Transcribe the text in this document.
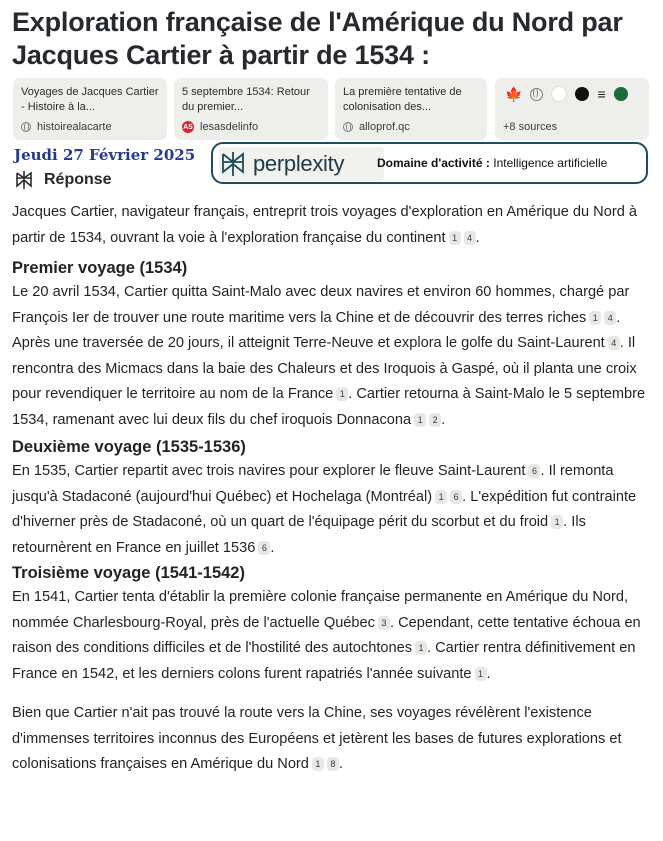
Exploration française de l'Amérique du Nord par Jacques Cartier à partir de 1534 :
Voyages de Jacques Cartier - Histoire à la...
histoirealacarte
5 septembre 1534: Retour du premier...
AS lesasdelinfo
La première tentative de colonisation des...
alloprof.qc
🍁	≡
+8 sources
Jeudi 27 Février 2025	perplexity	Domaine d'activité : Intelligence artificielle
Réponse
Jacques Cartier, navigateur français, entreprit trois voyages d'exploration en Amérique du Nord à partir de 1534, ouvrant la voie à l'exploration française du continent 1 4 .
Premier voyage (1534)
Le 20 avril 1534, Cartier quitta Saint-Malo avec deux navires et environ 60 hommes, chargé par François Ier de trouver une route maritime vers la Chine et de découvrir des terres riches 1 4 . Après une traversée de 20 jours, il atteignit Terre-Neuve et explora le golfe du Saint-Laurent 4 . Il rencontra des Micmacs dans la baie des Chaleurs et des Iroquois à Gaspé, où il planta une croix pour revendiquer le territoire au nom de la France 1 . Cartier retourna à Saint-Malo le 5 septembre 1534, ramenant avec lui deux fils du chef iroquois Donnacona 1 2 .
Deuxième voyage (1535-1536)
En 1535, Cartier repartit avec trois navires pour explorer le fleuve Saint-Laurent 6 . Il remonta jusqu'à Stadaconé (aujourd'hui Québec) et Hochelaga (Montréal) 1 6 . L'expédition fut contrainte d'hiverner près de Stadaconé, où un quart de l'équipage périt du scorbut et du froid 1 . Ils retournèrent en France en juillet 1536 6 .
Troisième voyage (1541-1542)
En 1541, Cartier tenta d'établir la première colonie française permanente en Amérique du Nord, nommée Charlesbourg-Royal, près de l'actuelle Québec 3 . Cependant, cette tentative échoua en raison des conditions difficiles et de l'hostilité des autochtones 1 . Cartier rentra définitivement en France en 1542, et les derniers colons furent rapatriés l'année suivante 1 .
Bien que Cartier n'ait pas trouvé la route vers la Chine, ses voyages révélèrent l'existence d'immenses territoires inconnus des Européens et jetèrent les bases de futures explorations et colonisations françaises en Amérique du Nord 1 8 .
